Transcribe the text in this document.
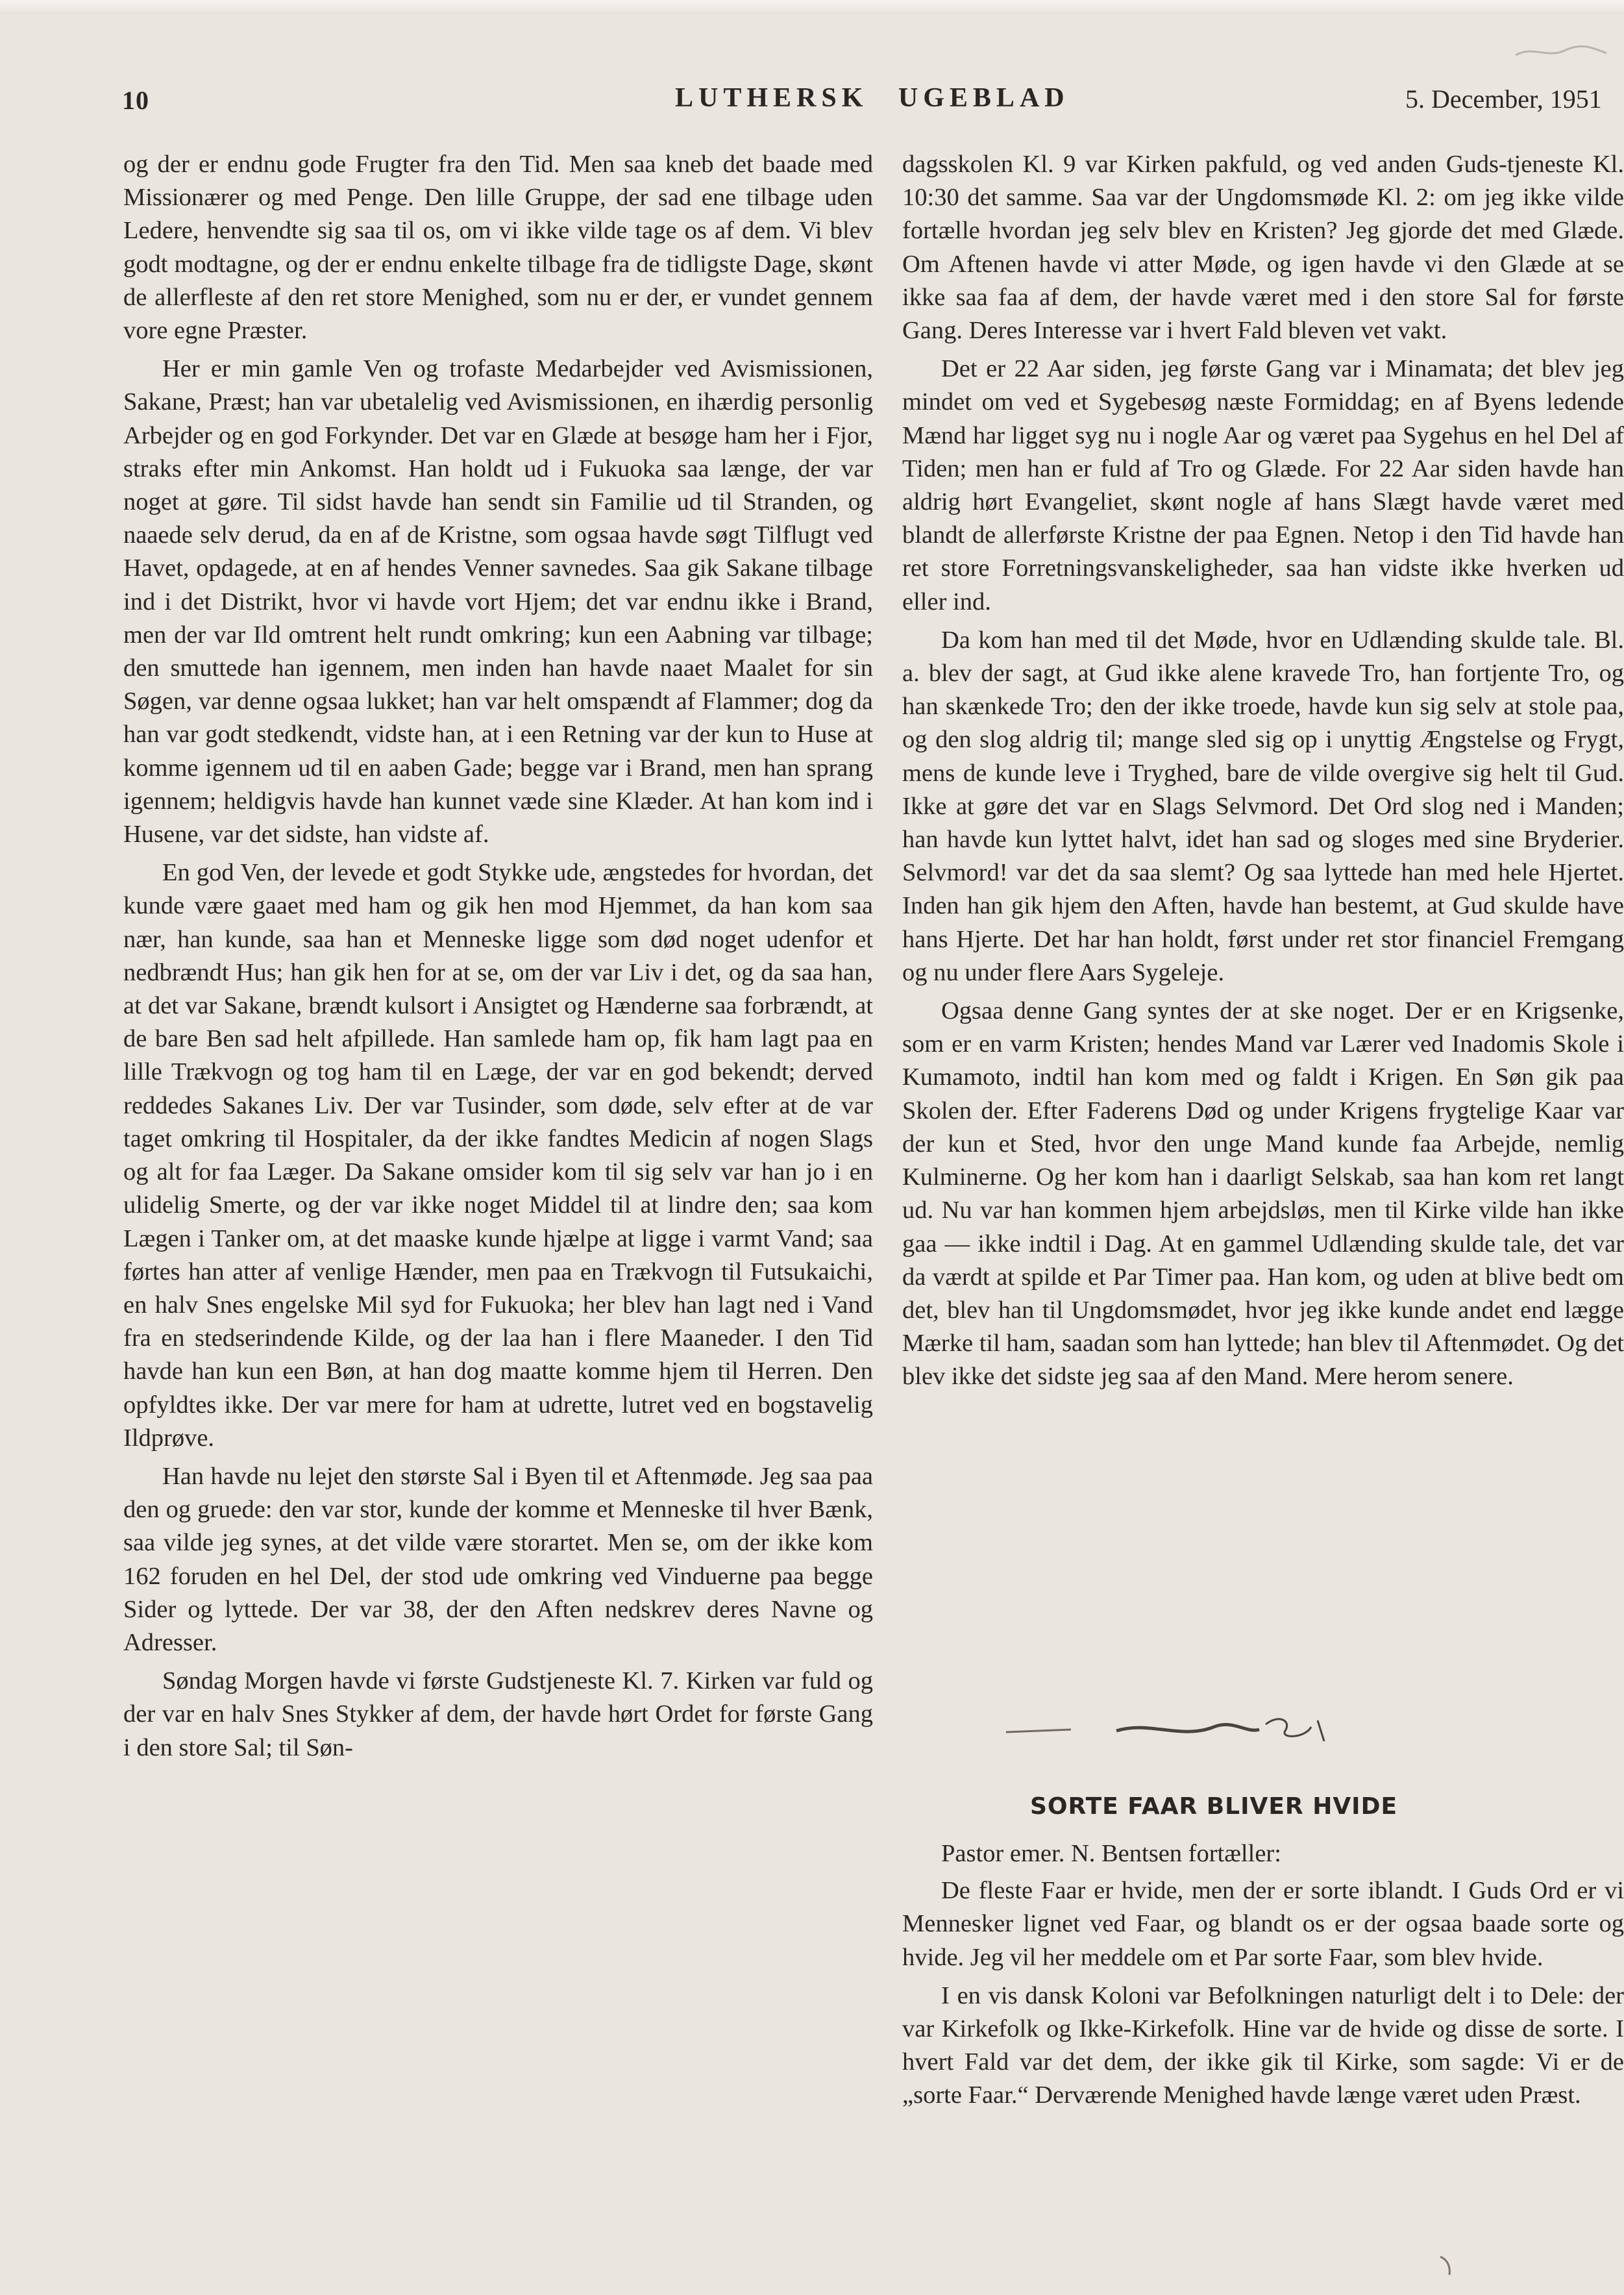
10	LUTHERSK UGEBLAD	5. December, 1951

og der er endnu gode Frugter fra den Tid. Men saa kneb det baade med Missionærer og med Penge. Den lille Gruppe, der sad ene tilbage uden Ledere, henvendte sig saa til os, om vi ikke vilde tage os af dem. Vi blev godt modtagne, og der er endnu enkelte tilbage fra de tidligste Dage, skønt de allerfleste af den ret store Menighed, som nu er der, er vundet gennem vore egne Præster.

Her er min gamle Ven og trofaste Medarbejder ved Avismissionen, Sakane, Præst; han var ubetalelig ved Avismissionen, en ihærdig personlig Arbejder og en god Forkynder. Det var en Glæde at besøge ham her i Fjor, straks efter min Ankomst. Han holdt ud i Fukuoka saa længe, der var noget at gøre. Til sidst havde han sendt sin Familie ud til Stranden, og naaede selv derud, da en af de Kristne, som ogsaa havde søgt Tilflugt ved Havet, opdagede, at en af hendes Venner savnedes. Saa gik Sakane tilbage ind i det Distrikt, hvor vi havde vort Hjem; det var endnu ikke i Brand, men der var Ild omtrent helt rundt omkring; kun een Aabning var tilbage; den smuttede han igennem, men inden han havde naaet Maalet for sin Søgen, var denne ogsaa lukket; han var helt omspændt af Flammer; dog da han var godt stedkendt, vidste han, at i een Retning var der kun to Huse at komme igennem ud til en aaben Gade; begge var i Brand, men han sprang igennem; heldigvis havde han kunnet væde sine Klæder. At han kom ind i Husene, var det sidste, han vidste af.

En god Ven, der levede et godt Stykke ude, ængstedes for hvordan, det kunde være gaaet med ham og gik hen mod Hjemmet, da han kom saa nær, han kunde, saa han et Menneske ligge som død noget udenfor et nedbrændt Hus; han gik hen for at se, om der var Liv i det, og da saa han, at det var Sakane, brændt kulsort i Ansigtet og Hænderne saa forbrændt, at de bare Ben sad helt afpillede. Han samlede ham op, fik ham lagt paa en lille Trækvogn og tog ham til en Læge, der var en god bekendt; derved reddedes Sakanes Liv. Der var Tusinder, som døde, selv efter at de var taget omkring til Hospitaler, da der ikke fandtes Medicin af nogen Slags og alt for faa Læger. Da Sakane omsider kom til sig selv var han jo i en ulidelig Smerte, og der var ikke noget Middel til at lindre den; saa kom Lægen i Tanker om, at det maaske kunde hjælpe at ligge i varmt Vand; saa førtes han atter af venlige Hænder, men paa en Trækvogn til Futsukaichi, en halv Snes engelske Mil syd for Fukuoka; her blev han lagt ned i Vand fra en stedserindende Kilde, og der laa han i flere Maaneder. I den Tid havde han kun een Bøn, at han dog maatte komme hjem til Herren. Den opfyldtes ikke. Der var mere for ham at udrette, lutret ved en bogstavelig Ildprøve.

Han havde nu lejet den største Sal i Byen til et Aftenmøde. Jeg saa paa den og gruede: den var stor, kunde der komme et Menneske til hver Bænk, saa vilde jeg synes, at det vilde være storartet. Men se, om der ikke kom 162 foruden en hel Del, der stod ude omkring ved Vinduerne paa begge Sider og lyttede. Der var 38, der den Aften nedskrev deres Navne og Adresser.

Søndag Morgen havde vi første Gudstjeneste Kl. 7. Kirken var fuld og der var en halv Snes Stykker af dem, der havde hørt Ordet for første Gang i den store Sal; til Søn-

dagsskolen Kl. 9 var Kirken pakfuld, og ved anden Guds-tjeneste Kl. 10:30 det samme. Saa var der Ungdomsmøde Kl. 2: om jeg ikke vilde fortælle hvordan jeg selv blev en Kristen? Jeg gjorde det med Glæde. Om Aftenen havde vi atter Møde, og igen havde vi den Glæde at se ikke saa faa af dem, der havde været med i den store Sal for første Gang. Deres Interesse var i hvert Fald bleven vet vakt.

Det er 22 Aar siden, jeg første Gang var i Minamata; det blev jeg mindet om ved et Sygebesøg næste Formiddag; en af Byens ledende Mænd har ligget syg nu i nogle Aar og været paa Sygehus en hel Del af Tiden; men han er fuld af Tro og Glæde. For 22 Aar siden havde han aldrig hørt Evangeliet, skønt nogle af hans Slægt havde været med blandt de allerførste Kristne der paa Egnen. Netop i den Tid havde han ret store Forretningsvanskeligheder, saa han vidste ikke hverken ud eller ind.

Da kom han med til det Møde, hvor en Udlænding skulde tale. Bl. a. blev der sagt, at Gud ikke alene kravede Tro, han fortjente Tro, og han skænkede Tro; den der ikke troede, havde kun sig selv at stole paa, og den slog aldrig til; mange sled sig op i unyttig Ængstelse og Frygt, mens de kunde leve i Tryghed, bare de vilde overgive sig helt til Gud. Ikke at gøre det var en Slags Selvmord. Det Ord slog ned i Manden; han havde kun lyttet halvt, idet han sad og sloges med sine Bryderier. Selvmord! var det da saa slemt? Og saa lyttede han med hele Hjertet. Inden han gik hjem den Aften, havde han bestemt, at Gud skulde have hans Hjerte. Det har han holdt, først under ret stor financiel Fremgang og nu under flere Aars Sygeleje.

Ogsaa denne Gang syntes der at ske noget. Der er en Krigsenke, som er en varm Kristen; hendes Mand var Lærer ved Inadomis Skole i Kumamoto, indtil han kom med og faldt i Krigen. En Søn gik paa Skolen der. Efter Faderens Død og under Krigens frygtelige Kaar var der kun et Sted, hvor den unge Mand kunde faa Arbejde, nemlig Kulminerne. Og her kom han i daarligt Selskab, saa han kom ret langt ud. Nu var han kommen hjem arbejdsløs, men til Kirke vilde han ikke gaa — ikke indtil i Dag. At en gammel Udlænding skulde tale, det var da værdt at spilde et Par Timer paa. Han kom, og uden at blive bedt om det, blev han til Ungdomsmødet, hvor jeg ikke kunde andet end lægge Mærke til ham, saadan som han lyttede; han blev til Aftenmødet. Og det blev ikke det sidste jeg saa af den Mand. Mere herom senere.

SORTE FAAR BLIVER HVIDE

Pastor emer. N. Bentsen fortæller:

De fleste Faar er hvide, men der er sorte iblandt. I Guds Ord er vi Mennesker lignet ved Faar, og blandt os er der ogsaa baade sorte og hvide. Jeg vil her meddele om et Par sorte Faar, som blev hvide.

I en vis dansk Koloni var Befolkningen naturligt delt i to Dele: der var Kirkefolk og Ikke-Kirkefolk. Hine var de hvide og disse de sorte. I hvert Fald var det dem, der ikke gik til Kirke, som sagde: Vi er de „sorte Faar.“ Derværende Menighed havde længe været uden Præst.
